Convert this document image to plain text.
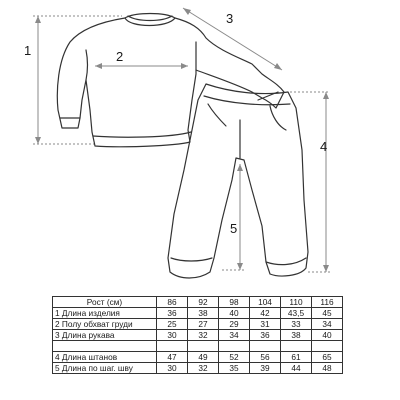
1	2
3
4
5
Рост (см)	86	92	98	104	110	116
1 Длина изделия	36	38	40	42	43,5	45
2 Полу обхват груди	25	27	29	31	33	34
3 Длина рукава	30	32	34	36	38	40

4 Длина штанов	47	49	52	56	61	65
5 Длина по шаг. шву	30	32	35	39	44	48
